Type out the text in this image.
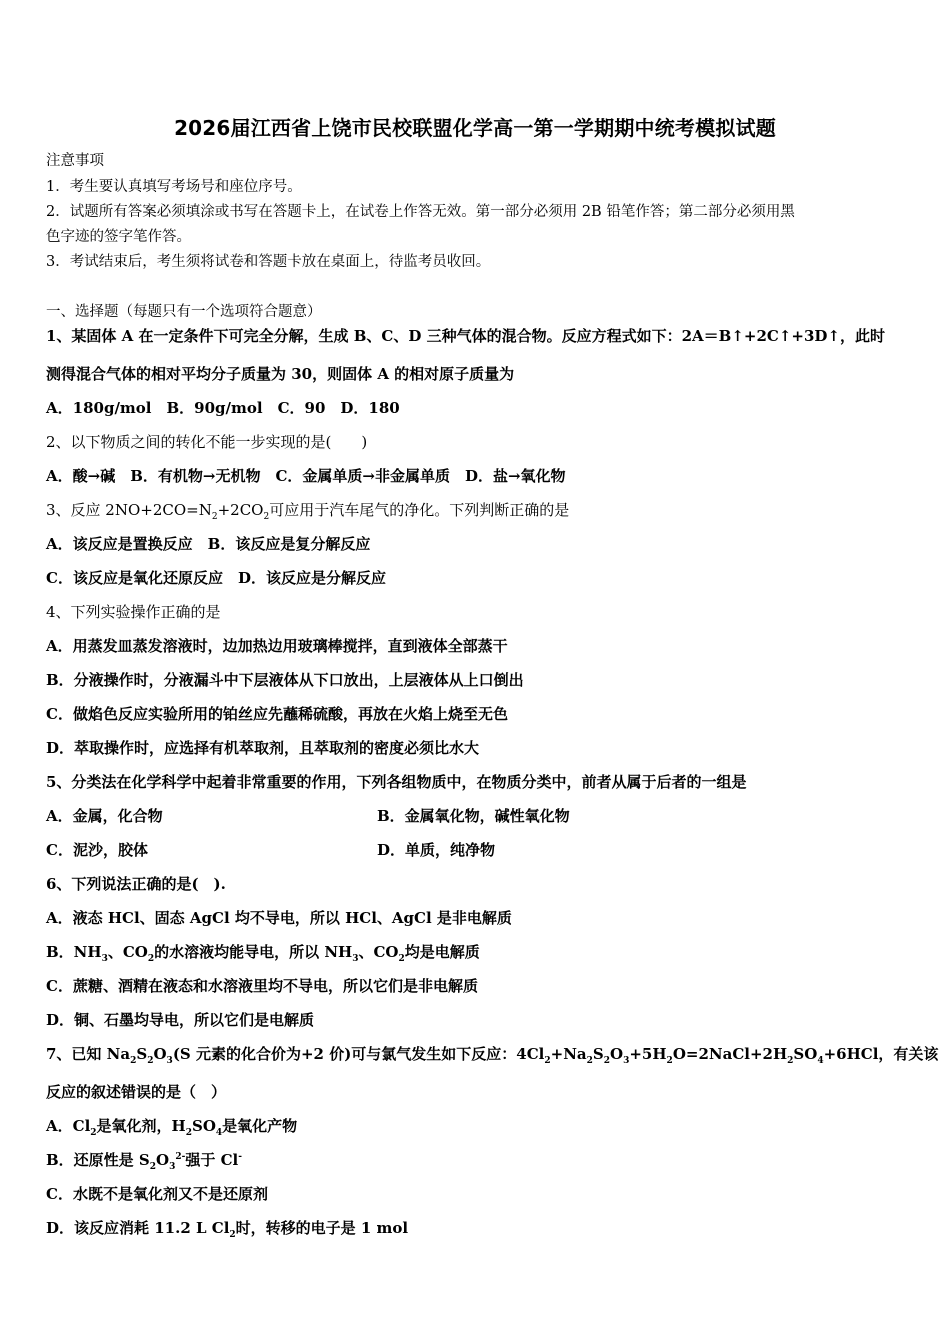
2026届江西省上饶市民校联盟化学高一第一学期期中统考模拟试题
注意事项
1．考生要认真填写考场号和座位序号。
2．试题所有答案必须填涂或书写在答题卡上，在试卷上作答无效。第一部分必须用 2B 铅笔作答；第二部分必须用黑
色字迹的签字笔作答。
3．考试结束后，考生须将试卷和答题卡放在桌面上，待监考员收回。
一、选择题（每题只有一个选项符合题意）
1、某固体 A 在一定条件下可完全分解，生成 B、C、D 三种气体的混合物。反应方程式如下：2A＝B↑+2C↑+3D↑，此时
测得混合气体的相对平均分子质量为 30，则固体 A 的相对原子质量为
A．180g/mol　B．90g/mol　C．90　D．180
2、以下物质之间的转化不能一步实现的是(　　)
A．酸→碱　B．有机物→无机物　C．金属单质→非金属单质　D．盐→氧化物
3、反应 $2NO+2CO=N_2+2CO_2$可应用于汽车尾气的净化。下列判断正确的是
A．该反应是置换反应　B．该反应是复分解反应
C．该反应是氧化还原反应　D．该反应是分解反应
4、下列实验操作正确的是
A．用蒸发皿蒸发溶液时，边加热边用玻璃棒搅拌，直到液体全部蒸干
B．分液操作时，分液漏斗中下层液体从下口放出，上层液体从上口倒出
C．做焰色反应实验所用的铂丝应先蘸稀硫酸，再放在火焰上烧至无色
D．萃取操作时，应选择有机萃取剂，且萃取剂的密度必须比水大
5、分类法在化学科学中起着非常重要的作用，下列各组物质中，在物质分类中，前者从属于后者的一组是
A．金属，化合物	B．金属氧化物，碱性氧化物
C．泥沙，胶体	D．单质，纯净物
6、下列说法正确的是(　).
A．液态 HCl、固态 AgCl 均不导电，所以 HCl、AgCl 是非电解质
B．$NH_3$、$CO_2$的水溶液均能导电，所以 $NH_3$、$CO_2$均是电解质
C．蔗糖、酒精在液态和水溶液里均不导电，所以它们是非电解质
D．铜、石墨均导电，所以它们是电解质
7、已知 $Na_2S_2O_3(S$ 元素的化合价为+2 价)可与氯气发生如下反应：$4Cl_2+Na_2S_2O_3+5H_2O=2NaCl+2H_2SO_4+6HCl$，有关该
反应的叙述错误的是（　）
A．$Cl_2$是氧化剂，$H_2SO_4$是氧化产物
B．还原性是 $S_2O_3^{2-}$强于 Cl-
C．水既不是氧化剂又不是还原剂
D．该反应消耗 11.2 L $Cl_2$时，转移的电子是 1 mol
